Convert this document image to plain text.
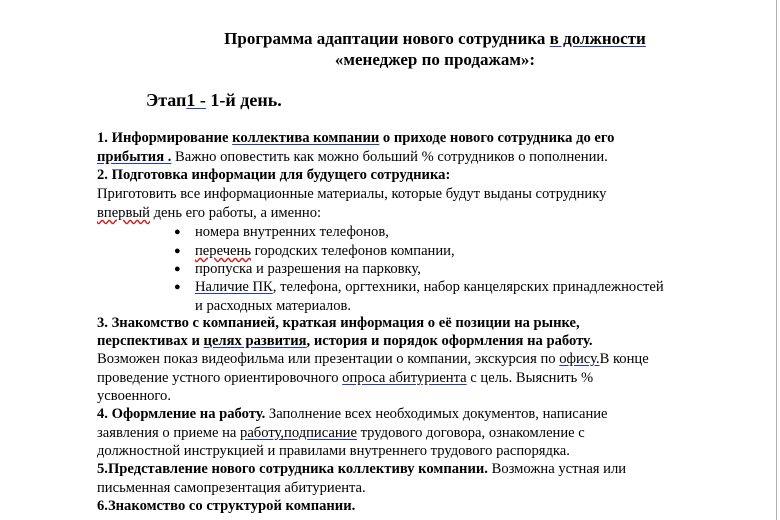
Программа адаптации нового сотрудника в должности
«менеджер по продажам»:
Этап1 - 1-й день.
1. Информирование коллектива компании о приходе нового сотрудника до его
прибытия . Важно оповестить как можно больший % сотрудников о пополнении.
2. Подготовка информации для будущего сотрудника:
Приготовить все информационные материалы, которые будут выданы сотруднику
впервый день его работы, а именно:
● номера внутренних телефонов,
● перечень городских телефонов компании,
● пропуска и разрешения на парковку,
● Наличие ПК, телефона, оргтехники, набор канцелярских принадлежностей
и расходных материалов.
3. Знакомство с компанией, краткая информация о её позиции на рынке,
перспективах и целях развития, история и порядок оформления на работу.
Возможен показ видеофильма или презентации о компании, экскурсия по офису.В конце
проведение устного ориентировочного опроса абитуриента с цель. Выяснить %
усвоенного.
4. Оформление на работу. Заполнение всех необходимых документов, написание
заявления о приеме на работу,подписание трудового договора, ознакомление с
должностной инструкцией и правилами внутреннего трудового распорядка.
5.Представление нового сотрудника коллективу компании. Возможна устная или
письменная самопрезентация абитуриента.
6.Знакомство со структурой компании.
